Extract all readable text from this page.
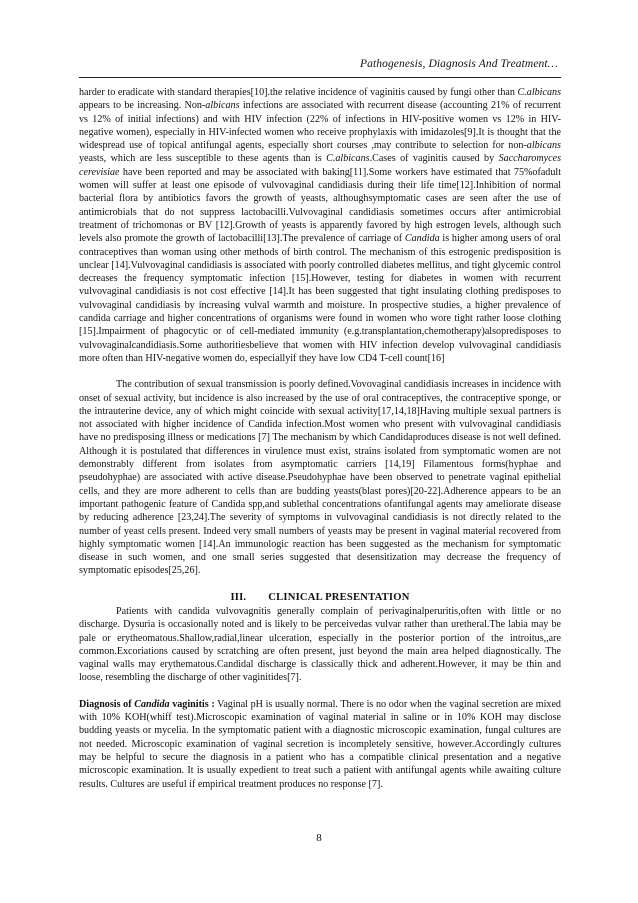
Pathogenesis, Diagnosis And Treatment…

harder to eradicate with standard therapies[10].the relative incidence of vaginitis caused by fungi other than C.albicans appears to be increasing. Non-albicans infections are associated with recurrent disease (accounting 21% of recurrent vs 12% of initial infections) and with HIV infection (22% of infections in HIV-positive women vs 12% in HIV-negative women), especially in HIV-infected women who receive prophylaxis with imidazoles[9].It is thought that the widespread use of topical antifungal agents, especially short courses ,may contribute to selection for non-albicans yeasts, which are less susceptible to these agents than is C.albicans.Cases of vaginitis caused by Saccharomyces cerevisiae have been reported and may be associated with baking[11].Some workers have estimated that 75%ofadult women will suffer at least one episode of vulvovaginal candidiasis during their life time[12].Inhibition of normal bacterial flora by antibiotics favors the growth of yeasts, althoughsymptomatic cases are seen after the use of antimicrobials that do not suppress lactobacilli.Vulvovaginal candidiasis sometimes occurs after antimicrobial treatment of trichomonas or BV [12].Growth of yeasts is apparently favored by high estrogen levels, although such levels also promote the growth of lactobacilli[13].The prevalence of carriage of Candida is higher among users of oral contraceptives than woman using other methods of birth control. The mechanism of this estrogenic predisposition is unclear [14].Vulvovaginal candidiasis is associated with poorly controlled diabetes mellitus, and tight glycemic control decreases the frequency symptomatic infection [15].However, testing for diabetes in women with recurrent vulvovaginal candidiasis is not cost effective [14].It has been suggested that tight insulating clothing predisposes to vulvovaginal candidiasis by increasing vulval warmth and moisture. In prospective studies, a higher prevalence of candida carriage and higher concentrations of organisms were found in women who wore tight rather loose clothing [15].Impairment of phagocytic or of cell-mediated immunity (e.g.transplantation,chemotherapy)alsopredisposes to vulvovaginalcandidiasis.Some authoritiesbelieve that women with HIV infection develop vulvovaginal candidiasis more often than HIV-negative women do, especiallyif they have low CD4 T-cell count[16]

The contribution of sexual transmission is poorly defined.Vovovaginal candidiasis increases in incidence with onset of sexual activity, but incidence is also increased by the use of oral contraceptives, the contraceptive sponge, or the intrauterine device, any of which might coincide with sexual activity[17,14,18]Having multiple sexual partners is not associated with higher incidence of Candida infection.Most women who present with vulvovaginal candidiasis have no predisposing illness or medications [7] The mechanism by which Candidaproduces disease is not well defined. Although it is postulated that differences in virulence must exist, strains isolated from symptomatic women are not demonstrably different from isolates from asymptomatic carriers [14,19] Filamentous forms(hyphae and pseudohyphae) are associated with active disease.Pseudohyphae have been observed to penetrate vaginal epithelial cells, and they are more adherent to cells than are budding yeasts(blast pores)[20-22].Adherence appears to be an important pathogenic feature of Candida spp,and sublethal concentrations ofantifungal agents may ameliorate disease by reducing adherence [23,24].The severity of symptoms in vulvovaginal candidiasis is not directly related to the number of yeast cells present. Indeed very small numbers of yeasts may be present in vaginal material recovered from highly symptomatic women [14].An immunologic reaction has been suggested as the mechanism for symptomatic disease in such women, and one small series suggested that desensitization may decrease the frequency of symptomatic episodes[25,26].

III. CLINICAL PRESENTATION

Patients with candida vulvovagnitis generally complain of perivaginalperuritis,often with little or no discharge. Dysuria is occasionally noted and is likely to be perceivedas vulvar rather than uretheral.The labia may be pale or erytheomatous.Shallow,radial,linear ulceration, especially in the posterior portion of the introitus,,are common.Excoriations caused by scratching are often present, just beyond the main area helped diagnostically. The vaginal walls may erythematous.Candidal discharge is classically thick and adherent.However, it may be thin and loose, resembling the discharge of other vaginitides[7].

Diagnosis of Candida vaginitis : Vaginal pH is usually normal. There is no odor when the vaginal secretion are mixed with 10% KOH(whiff test).Microscopic examination of vaginal material in saline or in 10% KOH may disclose budding yeasts or mycelia. In the symptomatic patient with a diagnostic microscopic examination, fungal cultures are not needed. Microscopic examination of vaginal secretion is incompletely sensitive, however.Accordingly cultures may be helpful to secure the diagnosis in a patient who has a compatible clinical presentation and a negative microscopic examination. It is usually expedient to treat such a patient with antifungal agents while awaiting culture results. Cultures are useful if empirical treatment produces no response [7].

8
